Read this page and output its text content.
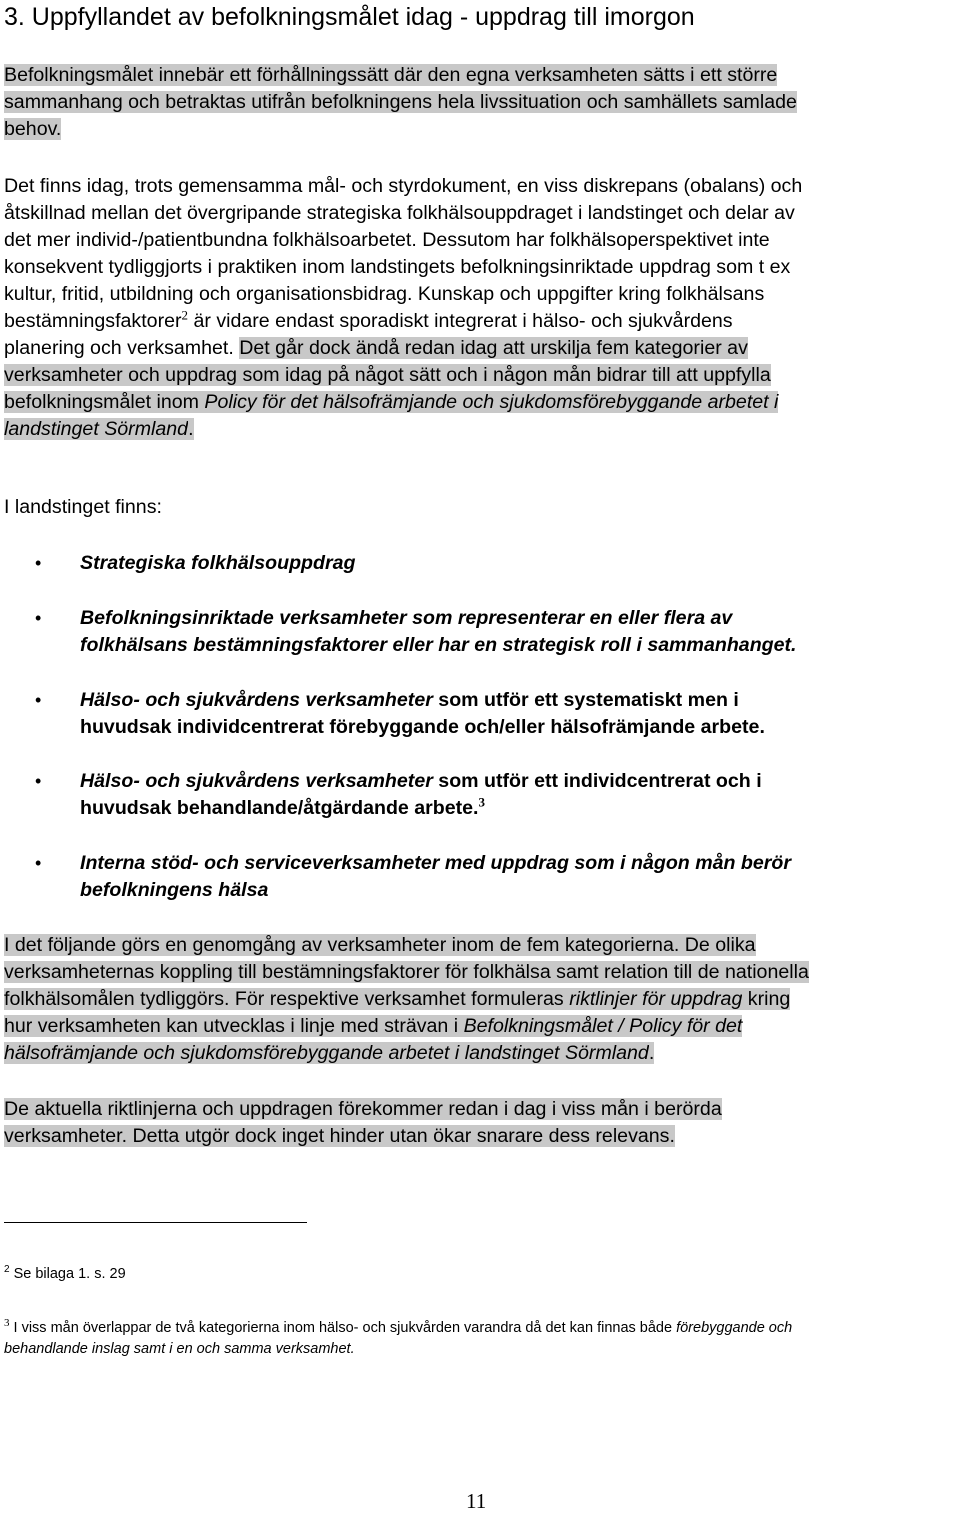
3. Uppfyllandet av befolkningsmålet idag - uppdrag till imorgon
Befolkningsmålet innebär ett förhållningssätt där den egna verksamheten sätts i ett större
sammanhang och betraktas utifrån befolkningens hela livssituation och samhällets samlade
behov.
Det finns idag, trots gemensamma mål- och styrdokument, en viss diskrepans (obalans) och
åtskillnad mellan det övergripande strategiska folkhälsouppdraget i landstinget och delar av
det mer individ-/patientbundna folkhälsoarbetet. Dessutom har folkhälsoperspektivet inte
konsekvent tydliggjorts i praktiken inom landstingets befolkningsinriktade uppdrag som t ex
kultur, fritid, utbildning och organisationsbidrag. Kunskap och uppgifter kring folkhälsans
bestämningsfaktorer$^2$ är vidare endast sporadiskt integrerat i hälso- och sjukvårdens
planering och verksamhet. Det går dock ändå redan idag att urskilja fem kategorier av
verksamheter och uppdrag som idag på något sätt och i någon mån bidrar till att uppfylla
befolkningsmålet inom Policy för det hälsofrämjande och sjukdomsförebyggande arbetet i
landstinget Sörmland.
I landstinget finns:
• Strategiska folkhälsouppdrag
• Befolkningsinriktade verksamheter som representerar en eller flera av
folkhälsans bestämningsfaktorer eller har en strategisk roll i sammanhanget.
• Hälso- och sjukvårdens verksamheter som utför ett systematiskt men i
huvudsak individcentrerat förebyggande och/eller hälsofrämjande arbete.
• Hälso- och sjukvårdens verksamheter som utför ett individcentrerat och i
huvudsak behandlande/åtgärdande arbete.$^3$
• Interna stöd- och serviceverksamheter med uppdrag som i någon mån berör
befolkningens hälsa
I det följande görs en genomgång av verksamheter inom de fem kategorierna. De olika
verksamheternas koppling till bestämningsfaktorer för folkhälsa samt relation till de nationella
folkhälsomålen tydliggörs. För respektive verksamhet formuleras riktlinjer för uppdrag kring
hur verksamheten kan utvecklas i linje med strävan i Befolkningsmålet / Policy för det
hälsofrämjande och sjukdomsförebyggande arbetet i landstinget Sörmland.
De aktuella riktlinjerna och uppdragen förekommer redan i dag i viss mån i berörda
verksamheter. Detta utgör dock inget hinder utan ökar snarare dess relevans.
$^2$ Se bilaga 1. s. 29
$^3$ I viss mån överlappar de två kategorierna inom hälso- och sjukvården varandra då det kan finnas både förebyggande och
behandlande inslag samt i en och samma verksamhet.
11
